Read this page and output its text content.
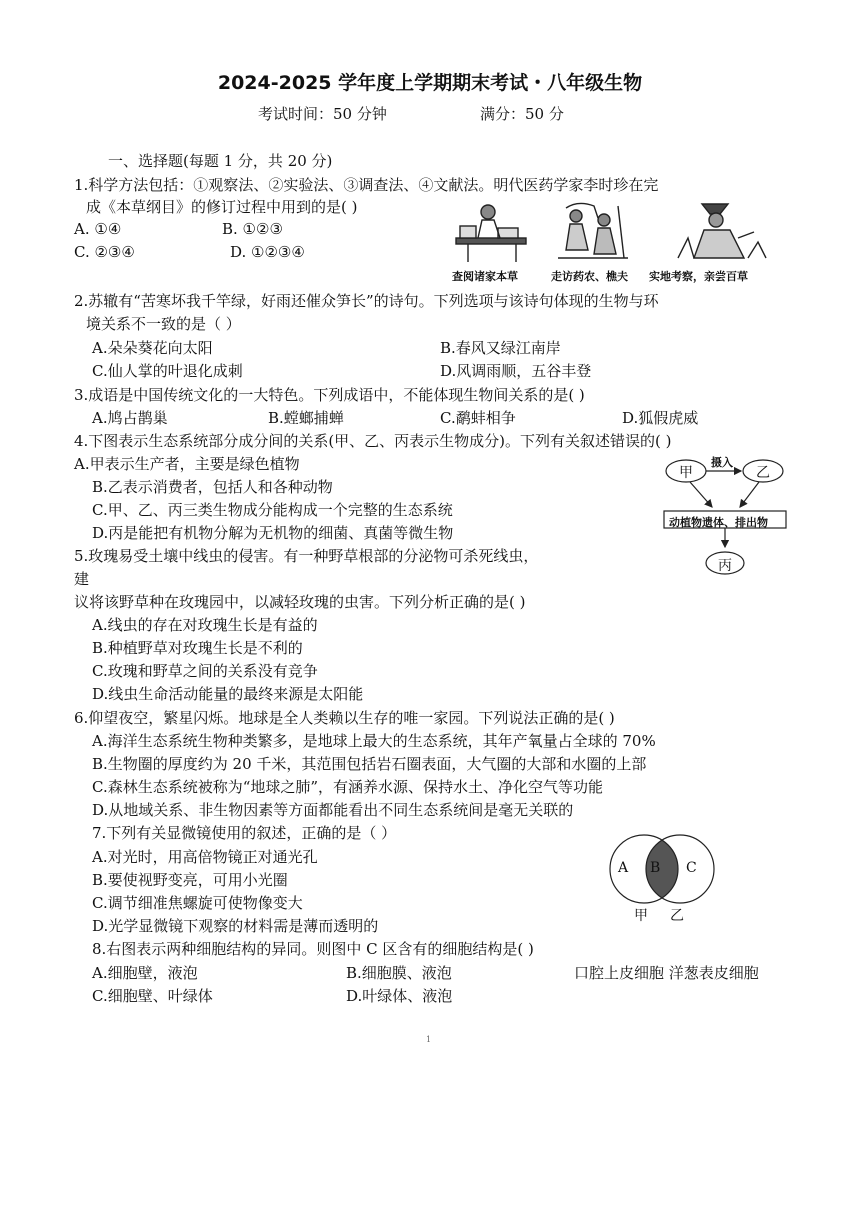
2024-2025 学年度上学期期末考试・八年级生物
考试时间：50 分钟	满分：50 分
一、选择题(每题 1 分，共 20 分)
1.科学方法包括：①观察法、②实验法、③调查法、④文献法。明代医药学家李时珍在完
成《本草纲目》的修订过程中用到的是( )
A. ①④	B. ①②③
C. ②③④	D. ①②③④
查阅诸家本草	走访药农、樵夫 实地考察，亲尝百草
2.苏辙有“苦寒坏我千竿绿，好雨还催众笋长”的诗句。下列选项与该诗句体现的生物与环
境关系不一致的是（ ）
A.朵朵葵花向太阳	B.春风又绿江南岸
C.仙人掌的叶退化成刺	D.风调雨顺，五谷丰登
3.成语是中国传统文化的一大特色。下列成语中，不能体现生物间关系的是( )
A.鸠占鹊巢	B.螳螂捕蝉	C.鹬蚌相争	D.狐假虎威
4.下图表示生态系统部分成分间的关系(甲、乙、丙表示生物成分)。下列有关叙述错误的( )
A.甲表示生产者，主要是绿色植物
B.乙表示消费者，包括人和各种动物
C.甲、乙、丙三类生物成分能构成一个完整的生态系统
D.丙是能把有机物分解为无机物的细菌、真菌等微生物
甲	乙
摄入
动植物遗体、排出物
丙
5.玫瑰易受土壤中线虫的侵害。有一种野草根部的分泌物可杀死线虫，
建
议将该野草种在玫瑰园中，以减轻玫瑰的虫害。下列分析正确的是( )
A.线虫的存在对玫瑰生长是有益的
B.种植野草对玫瑰生长是不利的
C.玫瑰和野草之间的关系没有竞争
D.线虫生命活动能量的最终来源是太阳能
6.仰望夜空，繁星闪烁。地球是全人类赖以生存的唯一家园。下列说法正确的是( )
A.海洋生态系统生物种类繁多，是地球上最大的生态系统，其年产氧量占全球的 70%
B.生物圈的厚度约为 20 千米，其范围包括岩石圈表面，大气圈的大部和水圈的上部
C.森林生态系统被称为“地球之肺”，有涵养水源、保持水土、净化空气等功能
D.从地域关系、非生物因素等方面都能看出不同生态系统间是毫无关联的
7.下列有关显微镜使用的叙述，正确的是（ ）
A.对光时，用高倍物镜正对通光孔
B.要使视野变亮，可用小光圈
C.调节细准焦螺旋可使物像变大
D.光学显微镜下观察的材料需是薄而透明的
A B C
甲 乙
8.右图表示两种细胞结构的异同。则图中 C 区含有的细胞结构是( )
A.细胞壁，液泡	B.细胞膜、液泡	口腔上皮细胞 洋葱表皮细胞
C.细胞壁、叶绿体	D.叶绿体、液泡
1
